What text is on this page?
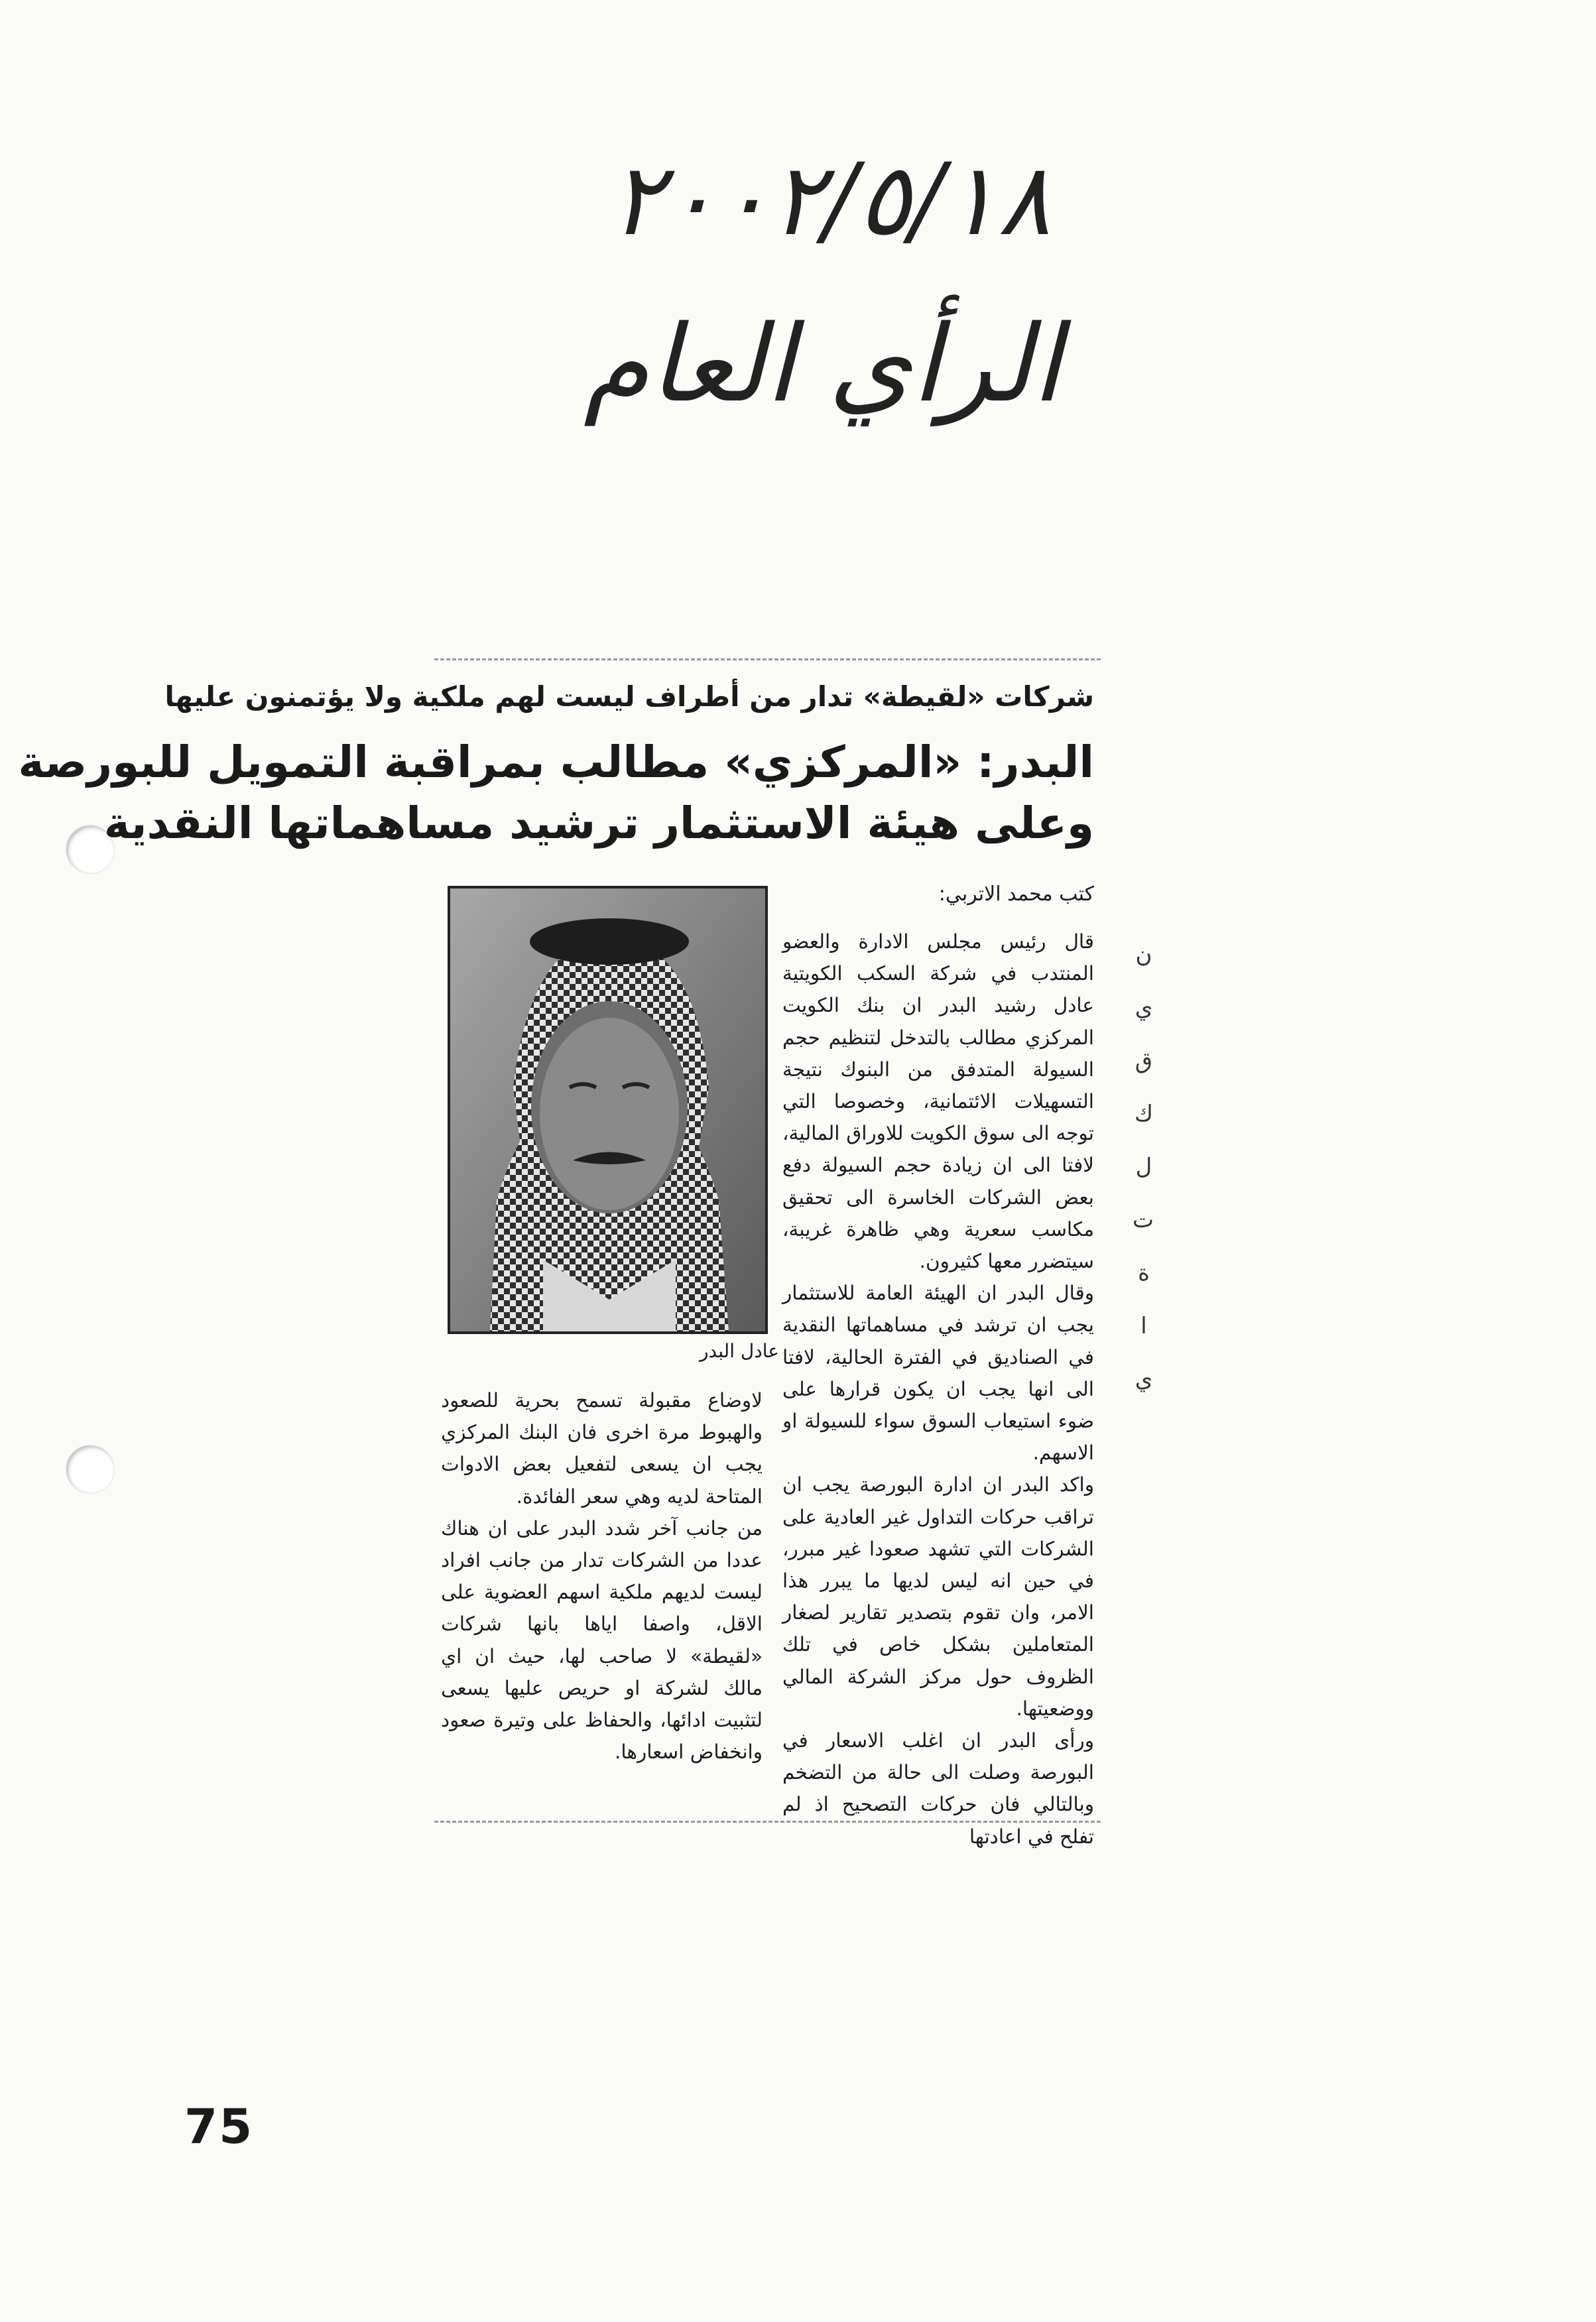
٢٠٠٢/٥/١٨
الرأي العام
شركات «لقيطة» تدار من أطراف ليست لهم ملكية ولا يؤتمنون عليها
البدر: «المركزي» مطالب بمراقبة التمويل للبورصة
وعلى هيئة الاستثمار ترشيد مساهماتها النقدية
كتب محمد الاتربي:

قال رئيس مجلس الادارة والعضو المنتدب في شركة السكب الكويتية عادل رشيد البدر ان بنك الكويت المركزي مطالب بالتدخل لتنظيم حجم السيولة المتدفق من البنوك نتيجة التسهيلات الائتمانية، وخصوصا التي توجه الى سوق الكويت للاوراق المالية، لافتا الى ان زيادة حجم السيولة دفع بعض الشركات الخاسرة الى تحقيق مكاسب سعرية وهي ظاهرة غريبة، سيتضرر معها كثيرون.

وقال البدر ان الهيئة العامة للاستثمار يجب ان ترشد في مساهماتها النقدية في الصناديق في الفترة الحالية، لافتا الى انها يجب ان يكون قرارها على ضوء استيعاب السوق سواء للسيولة او الاسهم.

واكد البدر ان ادارة البورصة يجب ان تراقب حركات التداول غير العادية على الشركات التي تشهد صعودا غير مبرر، في حين انه ليس لديها ما يبرر هذا الامر، وان تقوم بتصدير تقارير لصغار المتعاملين بشكل خاص في تلك الظروف حول مركز الشركة المالي ووضعيتها.

ورأى البدر ان اغلب الاسعار في البورصة وصلت الى حالة من التضخم وبالتالي فان حركات التصحيح اذ لم تفلح في اعادتها

عادل البدر

لاوضاع مقبولة تسمح بحرية للصعود والهبوط مرة اخرى فان البنك المركزي يجب ان يسعى لتفعيل بعض الادوات المتاحة لديه وهي سعر الفائدة.

من جانب آخر شدد البدر على ان هناك عددا من الشركات تدار من جانب افراد ليست لديهم ملكية اسهم العضوية على الاقل، واصفا اياها بانها شركات «لقيطة» لا صاحب لها، حيث ان اي مالك لشركة او حريص عليها يسعى لتثبيت ادائها، والحفاظ على وتيرة صعود وانخفاض اسعارها.

ن
ي
ق
ك
ل
ت
ة
ا
ي
75
